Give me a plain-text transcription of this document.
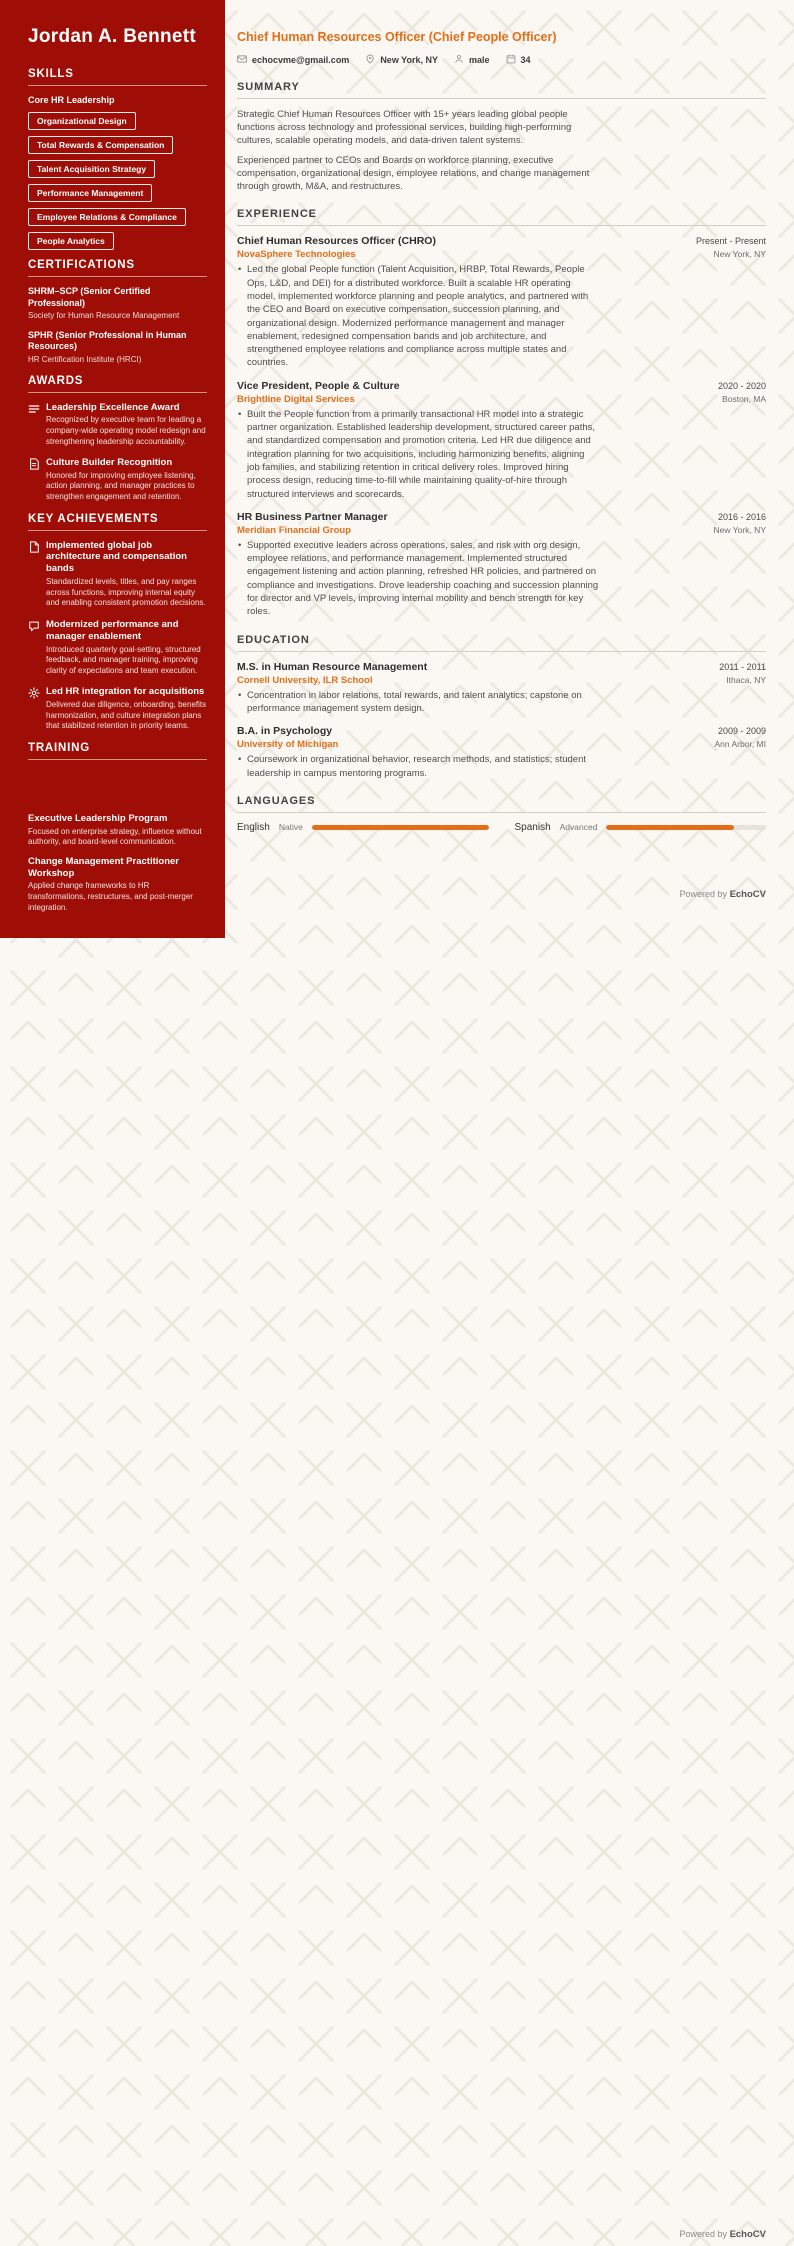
Jordan A. Bennett
SKILLS
Core HR Leadership
Organizational Design
Total Rewards & Compensation
Talent Acquisition Strategy
Performance Management
Employee Relations & Compliance
People Analytics
CERTIFICATIONS
SHRM–SCP (Senior Certified Professional)
Society for Human Resource Management
SPHR (Senior Professional in Human Resources)
HR Certification Institute (HRCI)
AWARDS
Leadership Excellence Award
Recognized by executive team for leading a company-wide operating model redesign and strengthening leadership accountability.
Culture Builder Recognition
Honored for improving employee listening, action planning, and manager practices to strengthen engagement and retention.
KEY ACHIEVEMENTS
Implemented global job architecture and compensation bands
Standardized levels, titles, and pay ranges across functions, improving internal equity and enabling consistent promotion decisions.
Modernized performance and manager enablement
Introduced quarterly goal-setting, structured feedback, and manager training, improving clarity of expectations and team execution.
Led HR integration for acquisitions
Delivered due diligence, onboarding, benefits harmonization, and culture integration plans that stabilized retention in priority teams.
TRAINING
Executive Leadership Program
Focused on enterprise strategy, influence without authority, and board-level communication.
Change Management Practitioner Workshop
Applied change frameworks to HR transformations, restructures, and post-merger integration.
Chief Human Resources Officer (Chief People Officer)
echocvme@gmail.com	New York, NY	male	34
SUMMARY

Strategic Chief Human Resources Officer with 15+ years leading global people functions across technology and professional services, building high-performing cultures, scalable operating models, and data-driven talent systems.

Experienced partner to CEOs and Boards on workforce planning, executive compensation, organizational design, employee relations, and change management through growth, M&A, and restructures.

EXPERIENCE
Chief Human Resources Officer (CHRO)	Present - Present
NovaSphere Technologies	New York, NY
• Led the global People function (Talent Acquisition, HRBP, Total Rewards, People Ops, L&D, and DEI) for a distributed workforce. Built a scalable HR operating model, implemented workforce planning and people analytics, and partnered with the CEO and Board on executive compensation, succession planning, and organizational design. Modernized performance management and manager enablement, redesigned compensation bands and job architecture, and strengthened employee relations and compliance across multiple states and countries.
Vice President, People & Culture	2020 - 2020
Brightline Digital Services	Boston, MA
• Built the People function from a primarily transactional HR model into a strategic partner organization. Established leadership development, structured career paths, and standardized compensation and promotion criteria. Led HR due diligence and integration planning for two acquisitions, including harmonizing benefits, aligning job families, and stabilizing retention in critical delivery roles. Improved hiring process design, reducing time-to-fill while maintaining quality-of-hire through structured interviews and scorecards.
HR Business Partner Manager	2016 - 2016
Meridian Financial Group	New York, NY
• Supported executive leaders across operations, sales, and risk with org design, employee relations, and performance management. Implemented structured engagement listening and action planning, refreshed HR policies, and partnered on compliance and investigations. Drove leadership coaching and succession planning for director and VP levels, improving internal mobility and bench strength for key roles.
EDUCATION
M.S. in Human Resource Management	2011 - 2011
Cornell University, ILR School	Ithaca, NY
• Concentration in labor relations, total rewards, and talent analytics; capstone on performance management system design.
B.A. in Psychology	2009 - 2009
University of Michigan	Ann Arbor, MI
• Coursework in organizational behavior, research methods, and statistics; student leadership in campus mentoring programs.
LANGUAGES
English Native	Spanish Advanced
Powered by EchoCV
Powered by EchoCV
